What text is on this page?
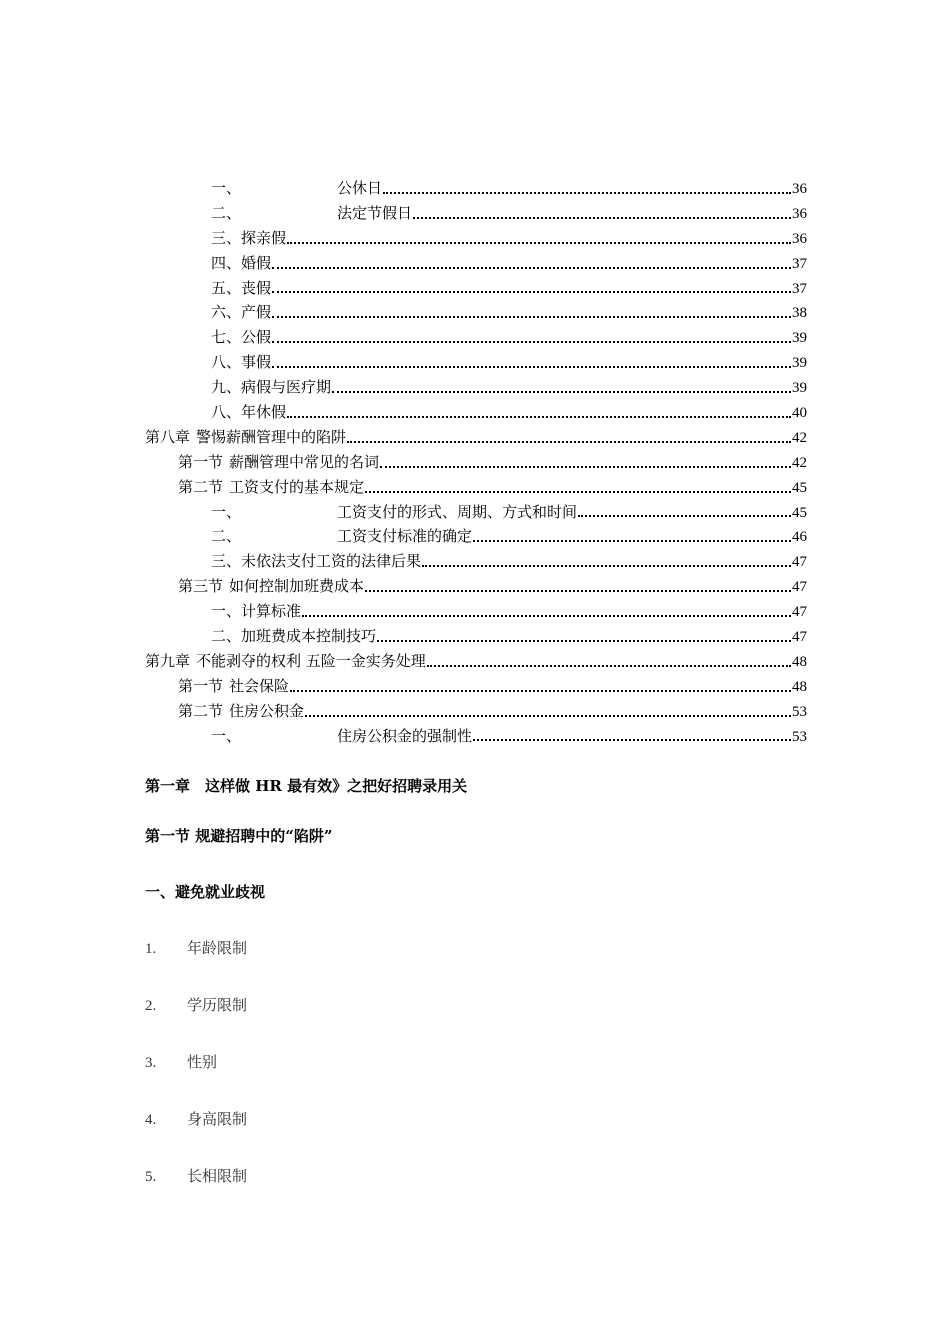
一、	公休日	36
二、	法定节假日	36
三、 探亲假	36
四、 婚假	37
五、 丧假	37
六、 产假	38
七、 公假	39
八、 事假	39
九、 病假与医疗期	39
八、 年休假	40
第八章 警惕薪酬管理中的陷阱	42
第一节 薪酬管理中常见的名词	42
第二节 工资支付的基本规定	45
一、	工资支付的形式、周期、方式和时间	45
二、	工资支付标准的确定	46
三、 未依法支付工资的法律后果	47
第三节 如何控制加班费成本	47
一、 计算标准	47
二、 加班费成本控制技巧	47
第九章 不能剥夺的权利 五险一金实务处理	48
第一节 社会保险	48
第二节 住房公积金	53
一、	住房公积金的强制性	53
第一章　这样做 HR 最有效》之把好招聘录用关
第一节 规避招聘中的“陷阱”
一、避免就业歧视
1. 年龄限制
2. 学历限制
3. 性别
4. 身高限制
5. 长相限制
